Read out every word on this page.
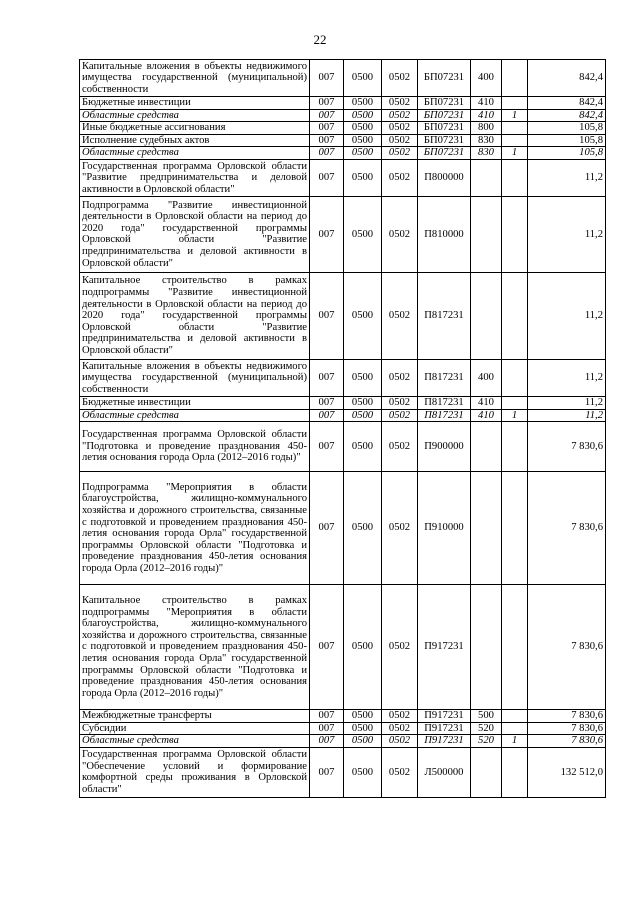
22
Капитальные вложения в объекты недвижимого имущества государственной (муниципальной) собственности	007	0500	0502	БП07231	400		842,4
Бюджетные инвестиции	007	0500	0502	БП07231	410		842,4
Областные средства	007	0500	0502	БП07231	410	1	842,4
Иные бюджетные ассигнования	007	0500	0502	БП07231	800		105,8
Исполнение судебных актов	007	0500	0502	БП07231	830		105,8
Областные средства	007	0500	0502	БП07231	830	1	105,8
Государственная программа Орловской области "Развитие предпринимательства и деловой активности в Орловской области"	007	0500	0502	П800000			11,2
Подпрограмма "Развитие инвестиционной деятельности в Орловской области на период до 2020 года" государственной программы Орловской области "Развитие предпринимательства и деловой активности в Орловской области"	007	0500	0502	П810000			11,2
Капитальное строительство в рамках подпрограммы "Развитие инвестиционной деятельности в Орловской области на период до 2020 года" государственной программы Орловской области "Развитие предпринимательства и деловой активности в Орловской области"	007	0500	0502	П817231			11,2
Капитальные вложения в объекты недвижимого имущества государственной (муниципальной) собственности	007	0500	0502	П817231	400		11,2
Бюджетные инвестиции	007	0500	0502	П817231	410		11,2
Областные средства	007	0500	0502	П817231	410	1	11,2
Государственная программа Орловской области "Подготовка и проведение празднования 450-летия основания города Орла (2012–2016 годы)"	007	0500	0502	П900000			7 830,6
Подпрограмма "Мероприятия в области благоустройства, жилищно-коммунального хозяйства и дорожного строительства, связанные с подготовкой и проведением празднования 450-летия основания города Орла" государственной программы Орловской области "Подготовка и проведение празднования 450-летия основания города Орла (2012–2016 годы)"	007	0500	0502	П910000			7 830,6
Капитальное строительство в рамках подпрограммы "Мероприятия в области благоустройства, жилищно-коммунального хозяйства и дорожного строительства, связанные с подготовкой и проведением празднования 450-летия основания города Орла" государственной программы Орловской области "Подготовка и проведение празднования 450-летия основания города Орла (2012–2016 годы)"	007	0500	0502	П917231			7 830,6
Межбюджетные трансферты	007	0500	0502	П917231	500		7 830,6
Субсидии	007	0500	0502	П917231	520		7 830,6
Областные средства	007	0500	0502	П917231	520	1	7 830,6
Государственная программа Орловской области "Обеспечение условий и формирование комфортной среды проживания в Орловской области"	007	0500	0502	Л500000			132 512,0
